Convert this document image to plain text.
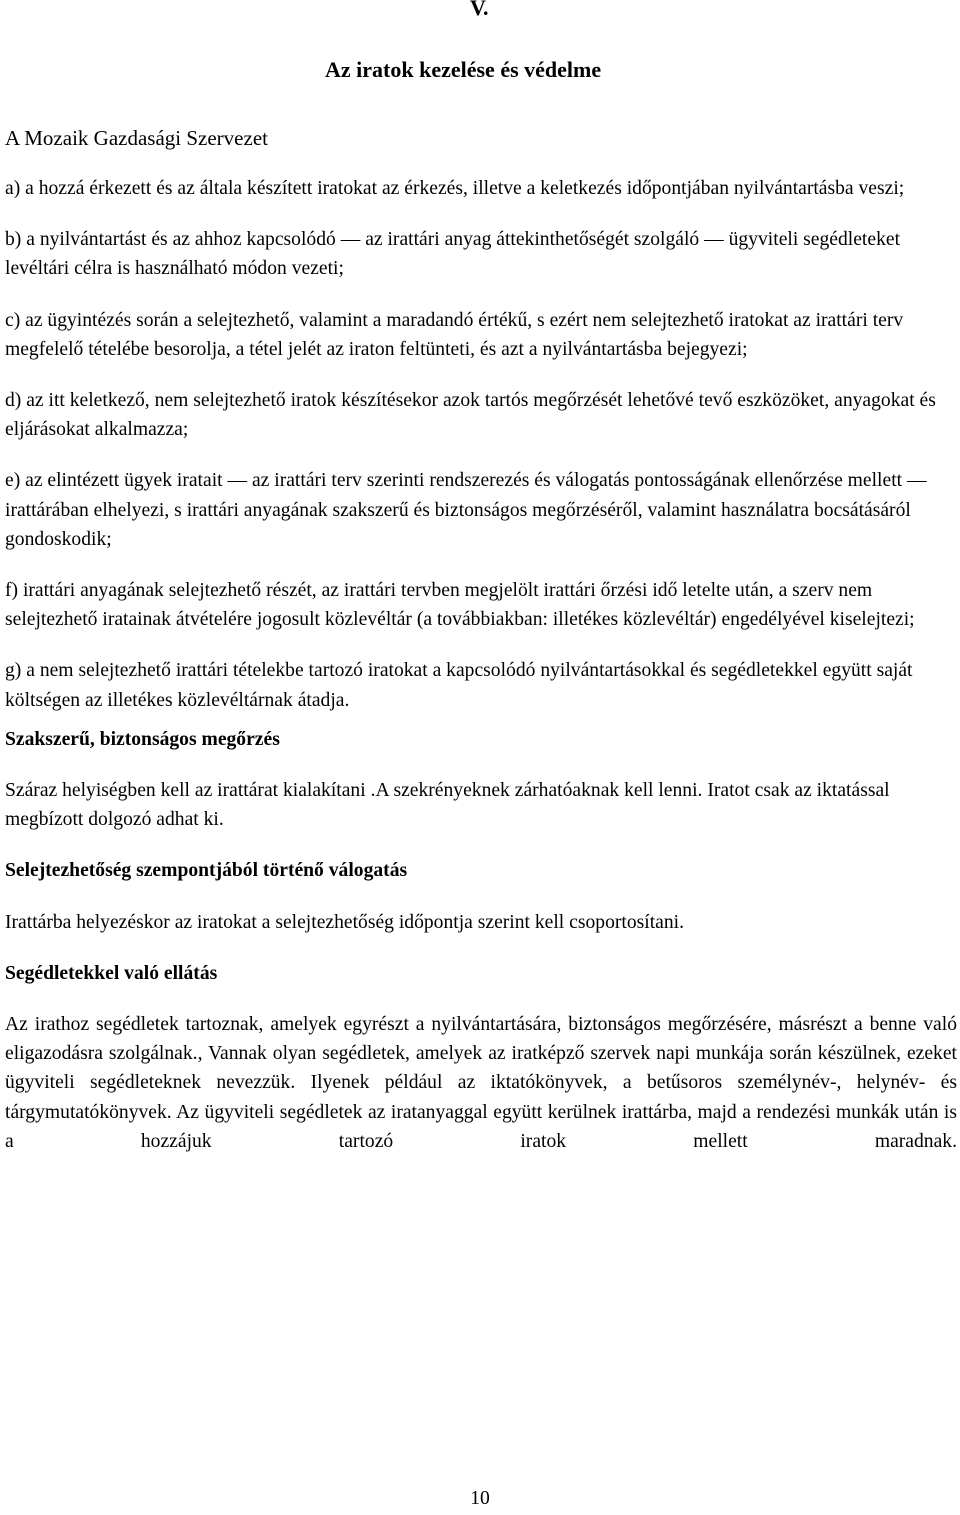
V.

Az iratok kezelése és védelme

A Mozaik Gazdasági Szervezet

a) a hozzá érkezett és az általa készített iratokat az érkezés, illetve a keletkezés időpontjában nyilvántartásba veszi;

b) a nyilvántartást és az ahhoz kapcsolódó — az irattári anyag áttekinthetőségét szolgáló — ügyviteli segédleteket levéltári célra is használható módon vezeti;

c) az ügyintézés során a selejtezhető, valamint a maradandó értékű, s ezért nem selejtezhető iratokat az irattári terv megfelelő tételébe besorolja, a tétel jelét az iraton feltünteti, és azt a nyilvántartásba bejegyezi;

d) az itt keletkező, nem selejtezhető iratok készítésekor azok tartós megőrzését lehetővé tevő eszközöket, anyagokat és eljárásokat alkalmazza;

e) az elintézett ügyek iratait — az irattári terv szerinti rendszerezés és válogatás pontosságának ellenőrzése mellett — irattárában elhelyezi, s irattári anyagának szakszerű és biztonságos megőrzéséről, valamint használatra bocsátásáról gondoskodik;

f) irattári anyagának selejtezhető részét, az irattári tervben megjelölt irattári őrzési idő letelte után, a szerv nem selejtezhető iratainak átvételére jogosult közlevéltár (a továbbiakban: illetékes közlevéltár) engedélyével kiselejtezi;

g) a nem selejtezhető irattári tételekbe tartozó iratokat a kapcsolódó nyilvántartásokkal és segédletekkel együtt saját költségen az illetékes közlevéltárnak átadja.

Szakszerű, biztonságos megőrzés

Száraz helyiségben kell az irattárat kialakítani .A szekrényeknek zárhatóaknak kell lenni. Iratot csak az iktatással megbízott dolgozó adhat ki.

Selejtezhetőség szempontjából történő válogatás

Irattárba helyezéskor az iratokat a selejtezhetőség időpontja szerint kell csoportosítani.

Segédletekkel való ellátás

Az irathoz segédletek tartoznak, amelyek egyrészt a nyilvántartására, biztonságos megőrzésére, másrészt a benne való eligazodásra szolgálnak., Vannak olyan segédletek, amelyek az iratképző szervek napi munkája során készülnek, ezeket ügyviteli segédleteknek nevezzük. Ilyenek például az iktatókönyvek, a betűsoros személynév-, helynév- és tárgymutatókönyvek. Az ügyviteli segédletek az iratanyaggal együtt kerülnek irattárba, majd a rendezési munkák után is a hozzájuk tartozó iratok mellett maradnak.

10
